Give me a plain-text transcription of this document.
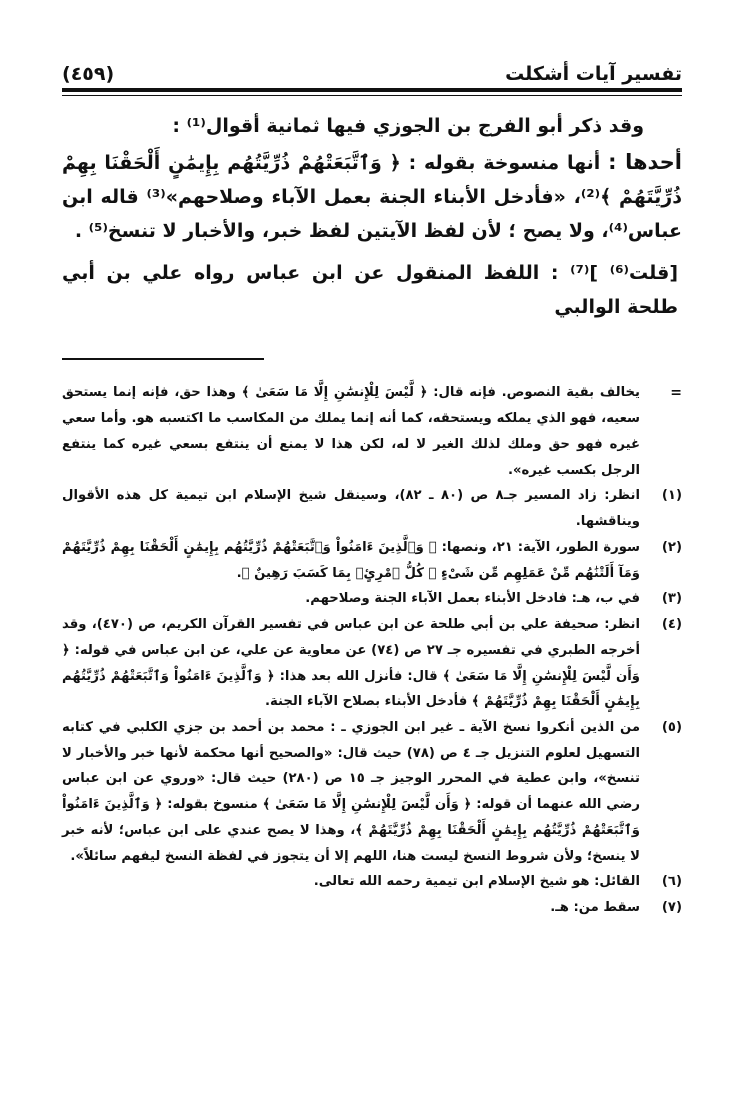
تفسير آيات أشكلت
(٤٥٩)

وقد ذكر أبو الفرج بن الجوزي فيها ثمانية أقوال⁽¹⁾ :

أحدها : أنها منسوخة بقوله : ﴿ وَٱتَّبَعَتْهُمْ ذُرِّيَّتُهُم بِإِيمَٰنٍ أَلْحَقْنَا بِهِمْ ذُرِّيَّتَهُمْ ﴾⁽²⁾، «فأدخل الأبناء الجنة بعمل الآباء وصلاحهم»⁽³⁾ قاله ابن عباس⁽⁴⁾، ولا يصح ؛ لأن لفظ الآيتين لفظ خبر، والأخبار لا تنسخ⁽⁵⁾ .

[قلت⁽⁶⁾ ]⁽⁷⁾ : اللفظ المنقول عن ابن عباس رواه علي بن أبي طلحة الوالبي

=
يخالف بقية النصوص. فإنه قال: ﴿ لَّيْسَ لِلْإِنسَٰنِ إِلَّا مَا سَعَىٰ ﴾ وهذا حق، فإنه إنما يستحق سعيه، فهو الذي يملكه ويستحقه، كما أنه إنما يملك من المكاسب ما اكتسبه هو. وأما سعي غيره فهو حق وملك لذلك الغير لا له، لكن هذا لا يمنع أن ينتفع بسعي غيره كما ينتفع الرجل بكسب غيره».
(١)
انظر: زاد المسير جـ٨ ص (٨٠ ـ ٨٢)، وسينقل شيخ الإسلام ابن تيمية كل هذه الأقوال ويناقشها.
(٢)
سورة الطور، الآية: ٢١، ونصها: ﴿ وَٱلَّذِينَ ءَامَنُواْ وَٱتَّبَعَتْهُمْ ذُرِّيَّتُهُم بِإِيمَٰنٍ أَلْحَقْنَا بِهِمْ ذُرِّيَّتَهُمْ وَمَآ أَلَتْنَٰهُم مِّنْ عَمَلِهِم مِّن شَىْءٍ ۚ كُلُّ ٱمْرِئٍۭ بِمَا كَسَبَ رَهِينٌ ﴾.
(٣)
في ب، هـ: فادخل الأبناء بعمل الآباء الجنة وصلاحهم.
(٤)
انظر: صحيفة علي بن أبي طلحة عن ابن عباس في تفسير القرآن الكريم، ص (٤٧٠)، وقد أخرجه الطبري في تفسيره جـ ٢٧ ص (٧٤) عن معاوية عن علي، عن ابن عباس في قوله: ﴿ وَأَن لَّيْسَ لِلْإِنسَٰنِ إِلَّا مَا سَعَىٰ ﴾ قال: فأنزل الله بعد هذا: ﴿ وَٱلَّذِينَ ءَامَنُواْ وَٱتَّبَعَتْهُمْ ذُرِّيَّتُهُم بِإِيمَٰنٍ أَلْحَقْنَا بِهِمْ ذُرِّيَّتَهُمْ ﴾ فأدخل الأبناء بصلاح الآباء الجنة.
(٥)
من الذين أنكروا نسخ الآية ـ غير ابن الجوزي ـ : محمد بن أحمد بن جزي الكلبي في كتابه التسهيل لعلوم التنزيل جـ ٤ ص (٧٨) حيث قال: «والصحيح أنها محكمة لأنها خبر والأخبار لا تنسخ»، وابن عطية في المحرر الوجيز جـ ١٥ ص (٢٨٠) حيث قال: «وروي عن ابن عباس رضي الله عنهما أن قوله: ﴿ وَأَن لَّيْسَ لِلْإِنسَٰنِ إِلَّا مَا سَعَىٰ ﴾ منسوخ بقوله: ﴿ وَٱلَّذِينَ ءَامَنُواْ وَٱتَّبَعَتْهُمْ ذُرِّيَّتُهُم بِإِيمَٰنٍ أَلْحَقْنَا بِهِمْ ذُرِّيَّتَهُمْ ﴾، وهذا لا يصح عندي على ابن عباس؛ لأنه خبر لا ينسخ؛ ولأن شروط النسخ ليست هنا، اللهم إلا أن يتجوز في لفظة النسخ ليفهم سائلاً».
(٦)
القائل: هو شيخ الإسلام ابن تيمية رحمه الله تعالى.
(٧)
سقط من: هـ.
